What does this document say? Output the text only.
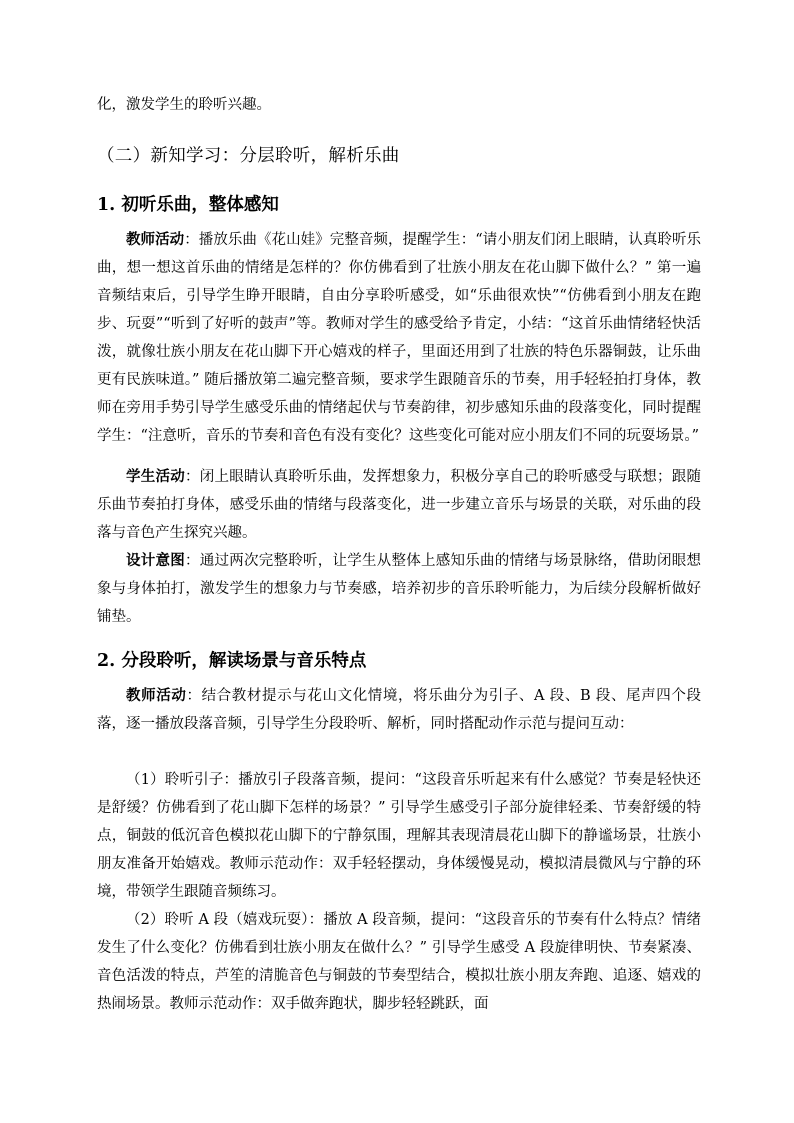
化，激发学生的聆听兴趣。

（二）新知学习：分层聆听，解析乐曲
1. 初听乐曲，整体感知

教师活动：播放乐曲《花山娃》完整音频，提醒学生：“请小朋友们闭上眼睛，认真聆听乐曲，想一想这首乐曲的情绪是怎样的？你仿佛看到了壮族小朋友在花山脚下做什么？” 第一遍音频结束后，引导学生睁开眼睛，自由分享聆听感受，如“乐曲很欢快”“仿佛看到小朋友在跑步、玩耍”“听到了好听的鼓声”等。教师对学生的感受给予肯定，小结：“这首乐曲情绪轻快活泼，就像壮族小朋友在花山脚下开心嬉戏的样子，里面还用到了壮族的特色乐器铜鼓，让乐曲更有民族味道。” 随后播放第二遍完整音频，要求学生跟随音乐的节奏，用手轻轻拍打身体，教师在旁用手势引导学生感受乐曲的情绪起伏与节奏韵律，初步感知乐曲的段落变化，同时提醒学生：“注意听，音乐的节奏和音色有没有变化？这些变化可能对应小朋友们不同的玩耍场景。”

学生活动：闭上眼睛认真聆听乐曲，发挥想象力，积极分享自己的聆听感受与联想；跟随乐曲节奏拍打身体，感受乐曲的情绪与段落变化，进一步建立音乐与场景的关联，对乐曲的段落与音色产生探究兴趣。

设计意图：通过两次完整聆听，让学生从整体上感知乐曲的情绪与场景脉络，借助闭眼想象与身体拍打，激发学生的想象力与节奏感，培养初步的音乐聆听能力，为后续分段解析做好铺垫。

2. 分段聆听，解读场景与音乐特点

教师活动：结合教材提示与花山文化情境，将乐曲分为引子、A 段、B 段、尾声四个段落，逐一播放段落音频，引导学生分段聆听、解析，同时搭配动作示范与提问互动：

（1）聆听引子：播放引子段落音频，提问：“这段音乐听起来有什么感觉？节奏是轻快还是舒缓？仿佛看到了花山脚下怎样的场景？” 引导学生感受引子部分旋律轻柔、节奏舒缓的特点，铜鼓的低沉音色模拟花山脚下的宁静氛围，理解其表现清晨花山脚下的静谧场景，壮族小朋友准备开始嬉戏。教师示范动作：双手轻轻摆动，身体缓慢晃动，模拟清晨微风与宁静的环境，带领学生跟随音频练习。

（2）聆听 A 段（嬉戏玩耍）：播放 A 段音频，提问：“这段音乐的节奏有什么特点？情绪发生了什么变化？仿佛看到壮族小朋友在做什么？” 引导学生感受 A 段旋律明快、节奏紧凑、音色活泼的特点，芦笙的清脆音色与铜鼓的节奏型结合，模拟壮族小朋友奔跑、追逐、嬉戏的热闹场景。教师示范动作：双手做奔跑状，脚步轻轻跳跃，面
